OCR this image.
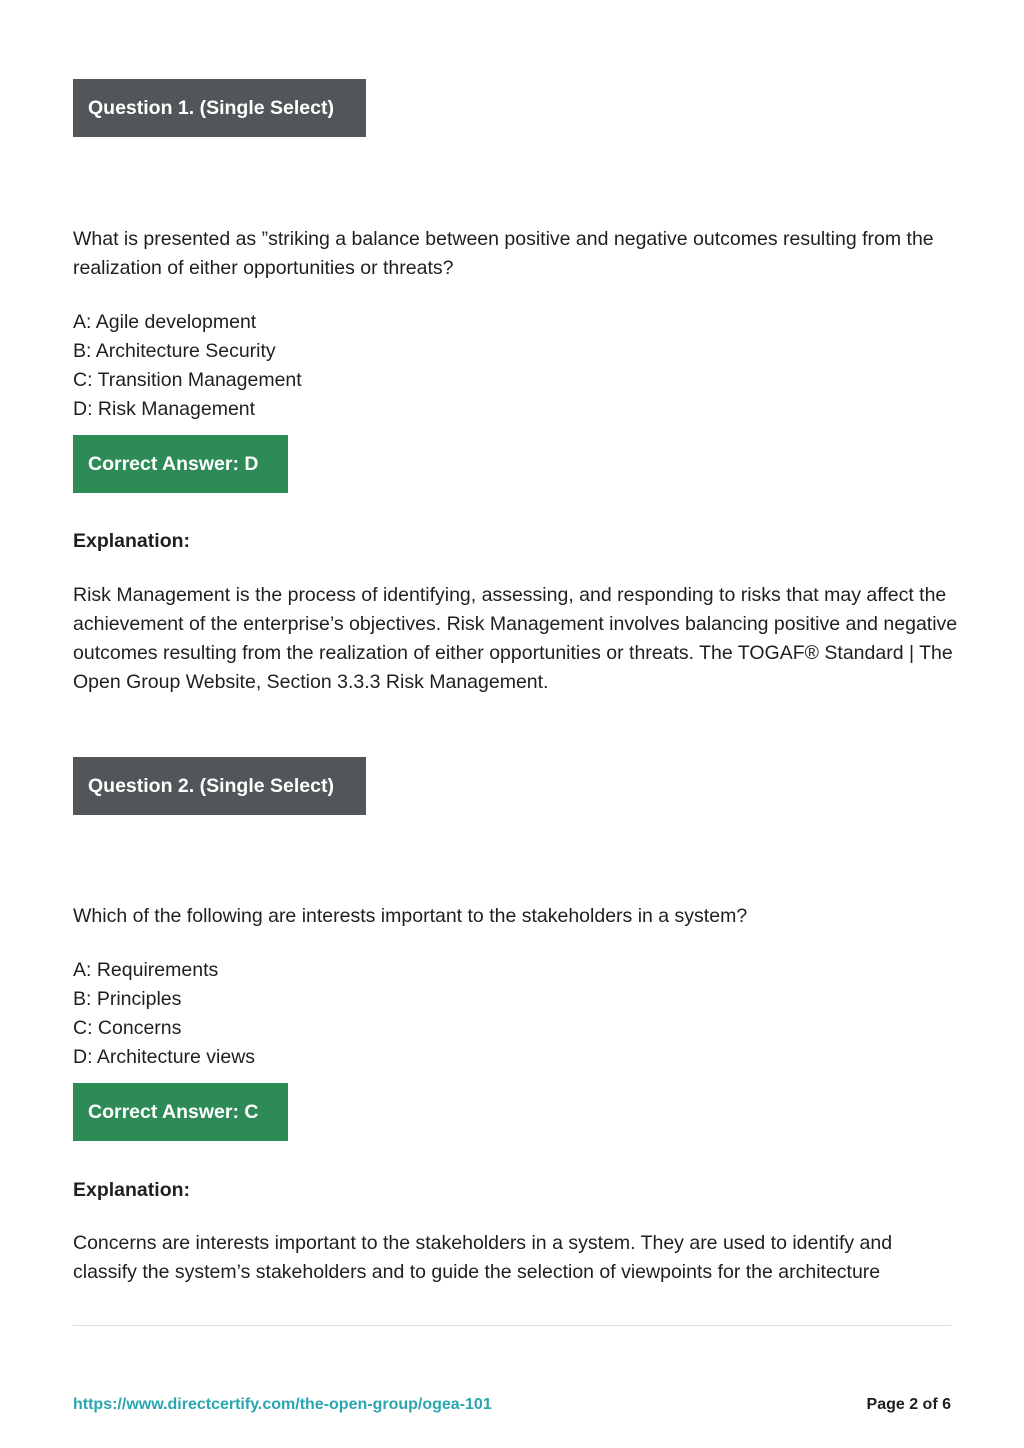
Question 1. (Single Select)

What is presented as ”striking a balance between positive and negative outcomes resulting from the realization of either opportunities or threats?

A: Agile development
B: Architecture Security
C: Transition Management
D: Risk Management
Correct Answer: D
Explanation:

Risk Management is the process of identifying, assessing, and responding to risks that may affect the achievement of the enterprise’s objectives. Risk Management involves balancing positive and negative outcomes resulting from the realization of either opportunities or threats. The TOGAF® Standard | The Open Group Website, Section 3.3.3 Risk Management.

Question 2. (Single Select)

Which of the following are interests important to the stakeholders in a system?

A: Requirements
B: Principles
C: Concerns
D: Architecture views
Correct Answer: C
Explanation:

Concerns are interests important to the stakeholders in a system. They are used to identify and classify the system’s stakeholders and to guide the selection of viewpoints for the architecture

https://www.directcertify.com/the-open-group/ogea-101	Page 2 of 6
